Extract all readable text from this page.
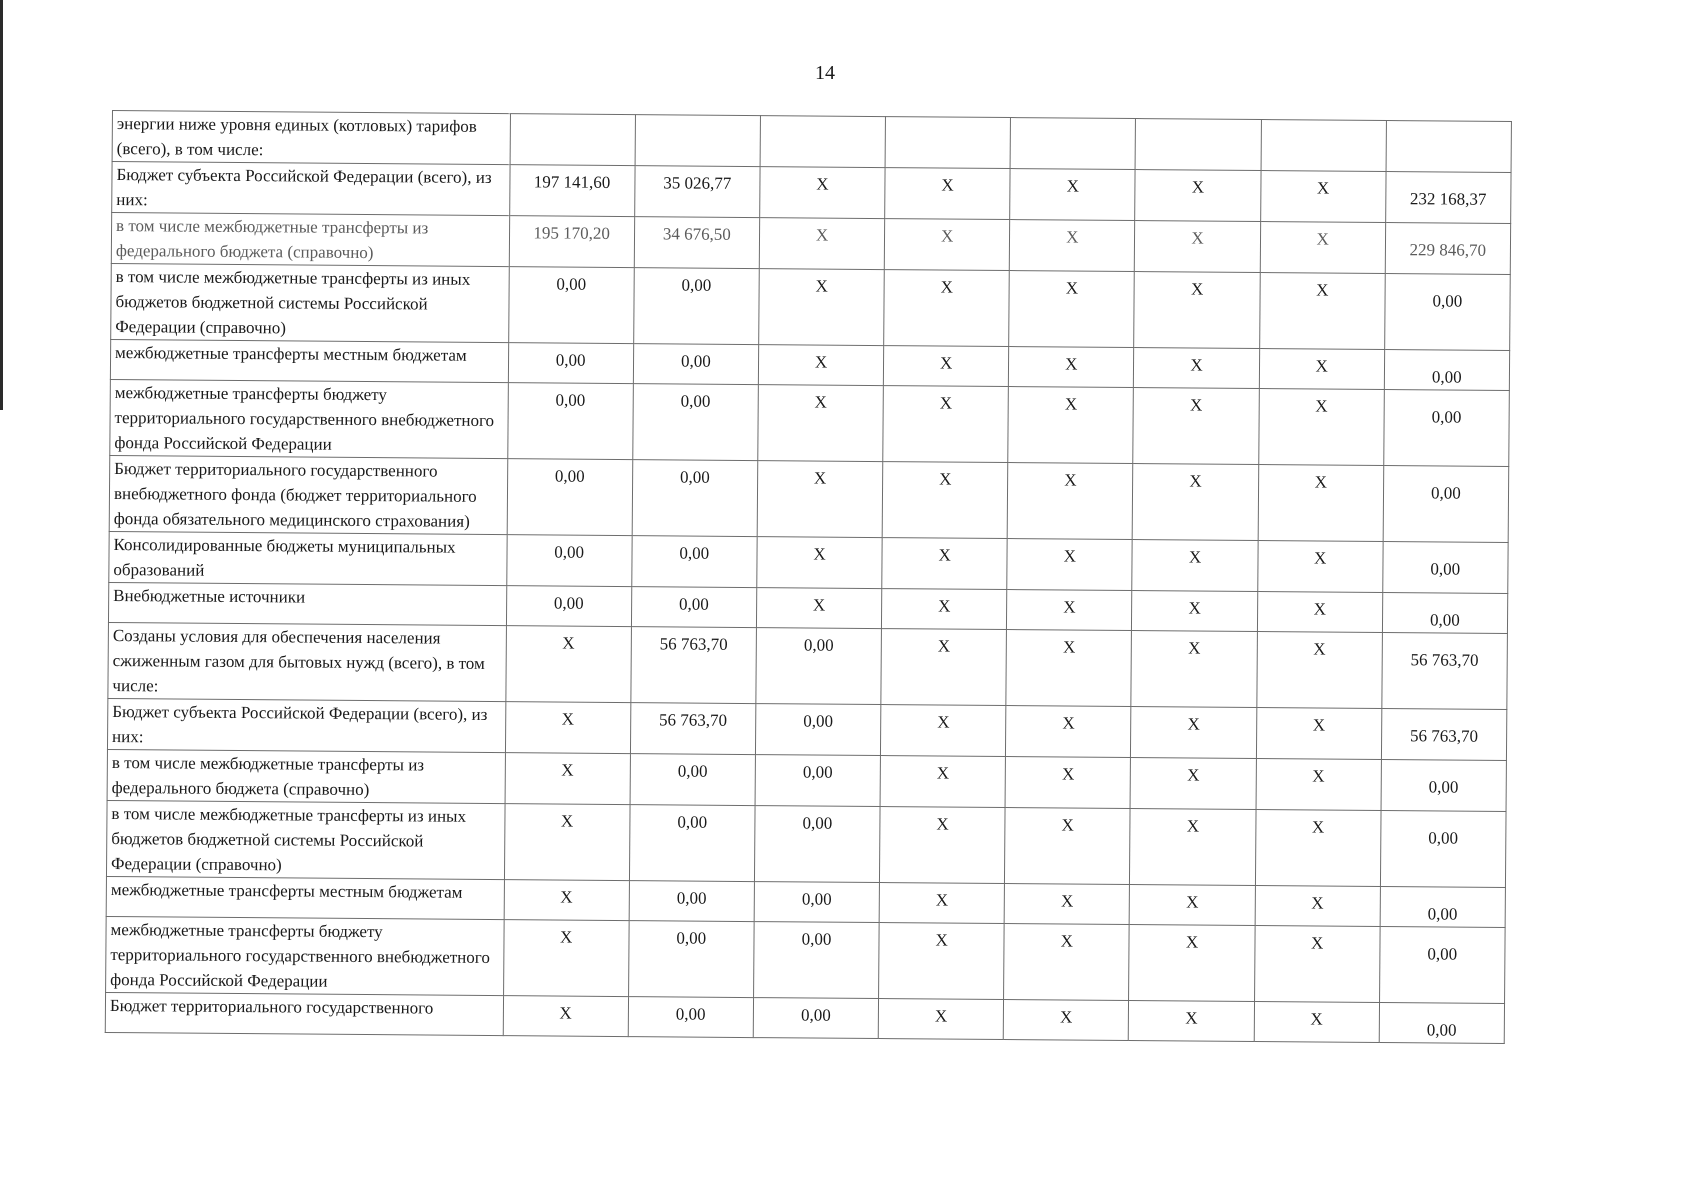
14
энергии ниже уровня единых (котловых) тарифов (всего), в том числе:								
Бюджет субъекта Российской Федерации (всего), из них:	197 141,60	35 026,77	X	X	X	X	X	232 168,37
в том числе межбюджетные трансферты из федерального бюджета (справочно)	195 170,20	34 676,50	X	X	X	X	X	229 846,70
в том числе межбюджетные трансферты из иных бюджетов бюджетной системы Российской Федерации (справочно)	0,00	0,00	X	X	X	X	X	0,00
межбюджетные трансферты местным бюджетам	0,00	0,00	X	X	X	X	X	0,00
межбюджетные трансферты бюджету территориального государственного внебюджетного фонда Российской Федерации	0,00	0,00	X	X	X	X	X	0,00
Бюджет территориального государственного внебюджетного фонда (бюджет территориального фонда обязательного медицинского страхования)	0,00	0,00	X	X	X	X	X	0,00
Консолидированные бюджеты муниципальных образований	0,00	0,00	X	X	X	X	X	0,00
Внебюджетные источники	0,00	0,00	X	X	X	X	X	0,00
Созданы условия для обеспечения населения сжиженным газом для бытовых нужд (всего), в том числе:	X	56 763,70	0,00	X	X	X	X	56 763,70
Бюджет субъекта Российской Федерации (всего), из них:	X	56 763,70	0,00	X	X	X	X	56 763,70
в том числе межбюджетные трансферты из федерального бюджета (справочно)	X	0,00	0,00	X	X	X	X	0,00
в том числе межбюджетные трансферты из иных бюджетов бюджетной системы Российской Федерации (справочно)	X	0,00	0,00	X	X	X	X	0,00
межбюджетные трансферты местным бюджетам	X	0,00	0,00	X	X	X	X	0,00
межбюджетные трансферты бюджету территориального государственного внебюджетного фонда Российской Федерации	X	0,00	0,00	X	X	X	X	0,00
Бюджет территориального государственного	X	0,00	0,00	X	X	X	X	0,00
